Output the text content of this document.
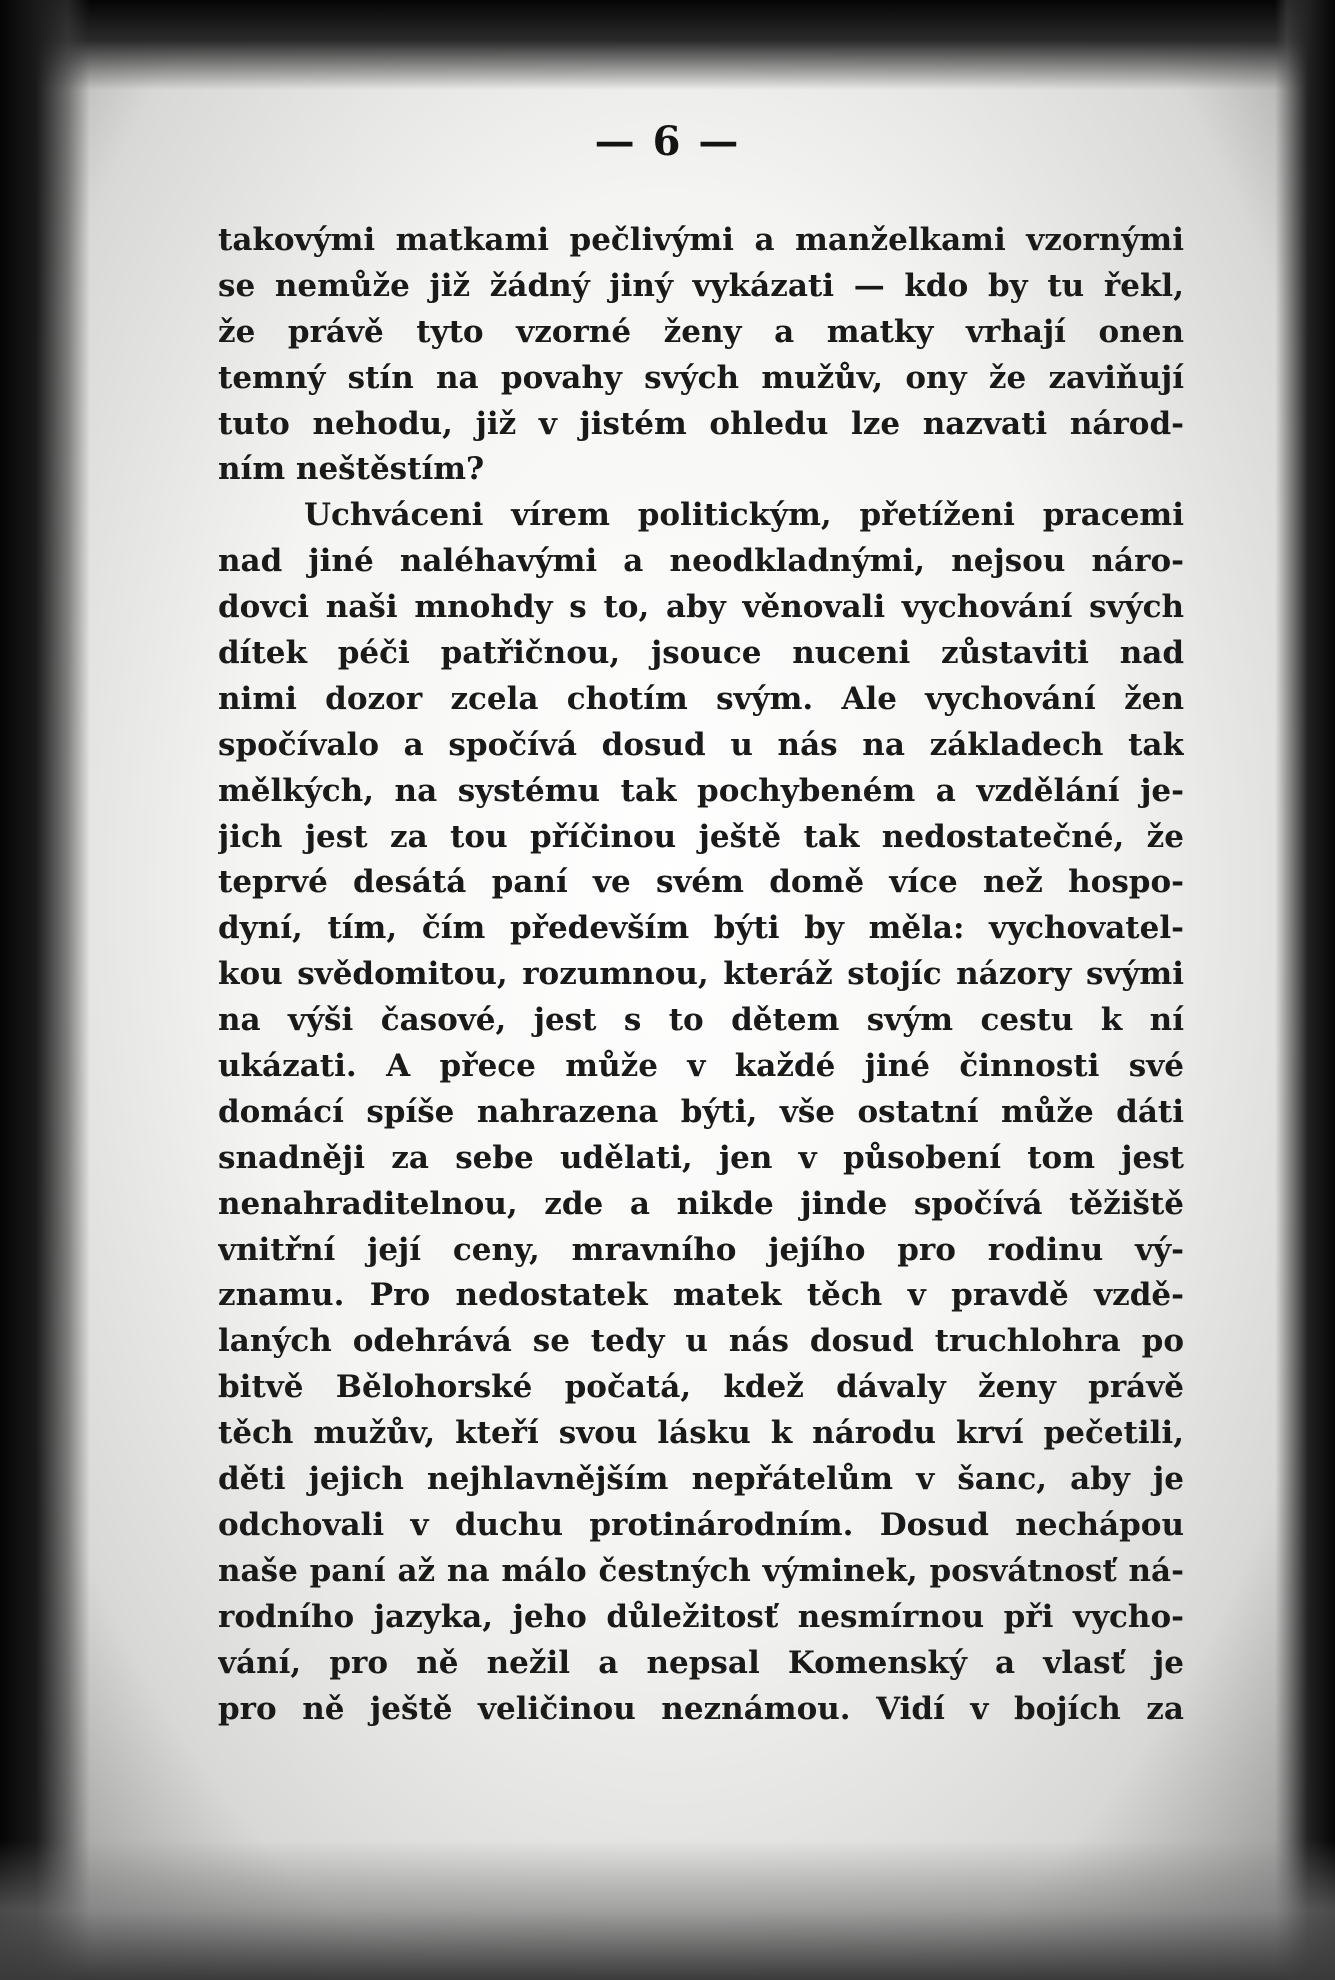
— 6 —
takovými matkami pečlivými a manželkami vzornými
se nemůže již žádný jiný vykázati — kdo by tu řekl,
že právě tyto vzorné ženy a matky vrhají onen
temný stín na povahy svých mužův, ony že zaviňují
tuto nehodu, již v jistém ohledu lze nazvati národ-
ním neštěstím?
Uchváceni vírem politickým, přetíženi pracemi
nad jiné naléhavými a neodkladnými, nejsou náro-
dovci naši mnohdy s to, aby věnovali vychování svých
dítek péči patřičnou, jsouce nuceni zůstaviti nad
nimi dozor zcela chotím svým. Ale vychování žen
spočívalo a spočívá dosud u nás na základech tak
mělkých, na systému tak pochybeném a vzdělání je-
jich jest za tou příčinou ještě tak nedostatečné, že
teprvé desátá paní ve svém domě více než hospo-
dyní, tím, čím především býti by měla: vychovatel-
kou svědomitou, rozumnou, kteráž stojíc názory svými
na výši časové, jest s to dětem svým cestu k ní
ukázati. A přece může v každé jiné činnosti své
domácí spíše nahrazena býti, vše ostatní může dáti
snadněji za sebe udělati, jen v působení tom jest
nenahraditelnou, zde a nikde jinde spočívá těžiště
vnitřní její ceny, mravního jejího pro rodinu vý-
znamu. Pro nedostatek matek těch v pravdě vzdě-
laných odehrává se tedy u nás dosud truchlohra po
bitvě Bělohorské počatá, kdež dávaly ženy právě
těch mužův, kteří svou lásku k národu krví pečetili,
děti jejich nejhlavnějším nepřátelům v šanc, aby je
odchovali v duchu protinárodním. Dosud nechápou
naše paní až na málo čestných výminek, posvátnosť ná-
rodního jazyka, jeho důležitosť nesmírnou při vycho-
vání, pro ně nežil a nepsal Komenský a vlasť je
pro ně ještě veličinou neznámou. Vidí v bojích za
